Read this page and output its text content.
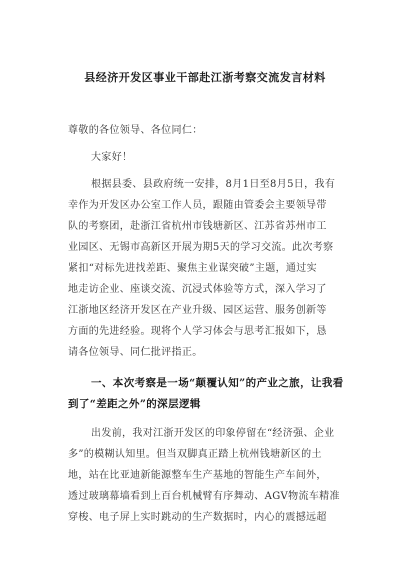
县经济开发区事业干部赴江浙考察交流发言材料
尊敬的各位领导、各位同仁：
大家好！
根据县委、县政府统一安排，8月1日至8月5日，我有
幸作为开发区办公室工作人员，跟随由管委会主要领导带
队的考察团，赴浙江省杭州市钱塘新区、江苏省苏州市工
业园区、无锡市高新区开展为期5天的学习交流。此次考察
紧扣“对标先进找差距、聚焦主业谋突破”主题，通过实
地走访企业、座谈交流、沉浸式体验等方式，深入学习了
江浙地区经济开发区在产业升级、园区运营、服务创新等
方面的先进经验。现将个人学习体会与思考汇报如下，恳
请各位领导、同仁批评指正。
一、本次考察是一场“颠覆认知”的产业之旅，让我看
到了“差距之外”的深层逻辑
出发前，我对江浙开发区的印象停留在“经济强、企业
多”的模糊认知里。但当双脚真正踏上杭州钱塘新区的土
地，站在比亚迪新能源整车生产基地的智能生产车间外，
透过玻璃幕墙看到上百台机械臂有序舞动、AGV物流车精准
穿梭、电子屏上实时跳动的生产数据时，内心的震撼远超
